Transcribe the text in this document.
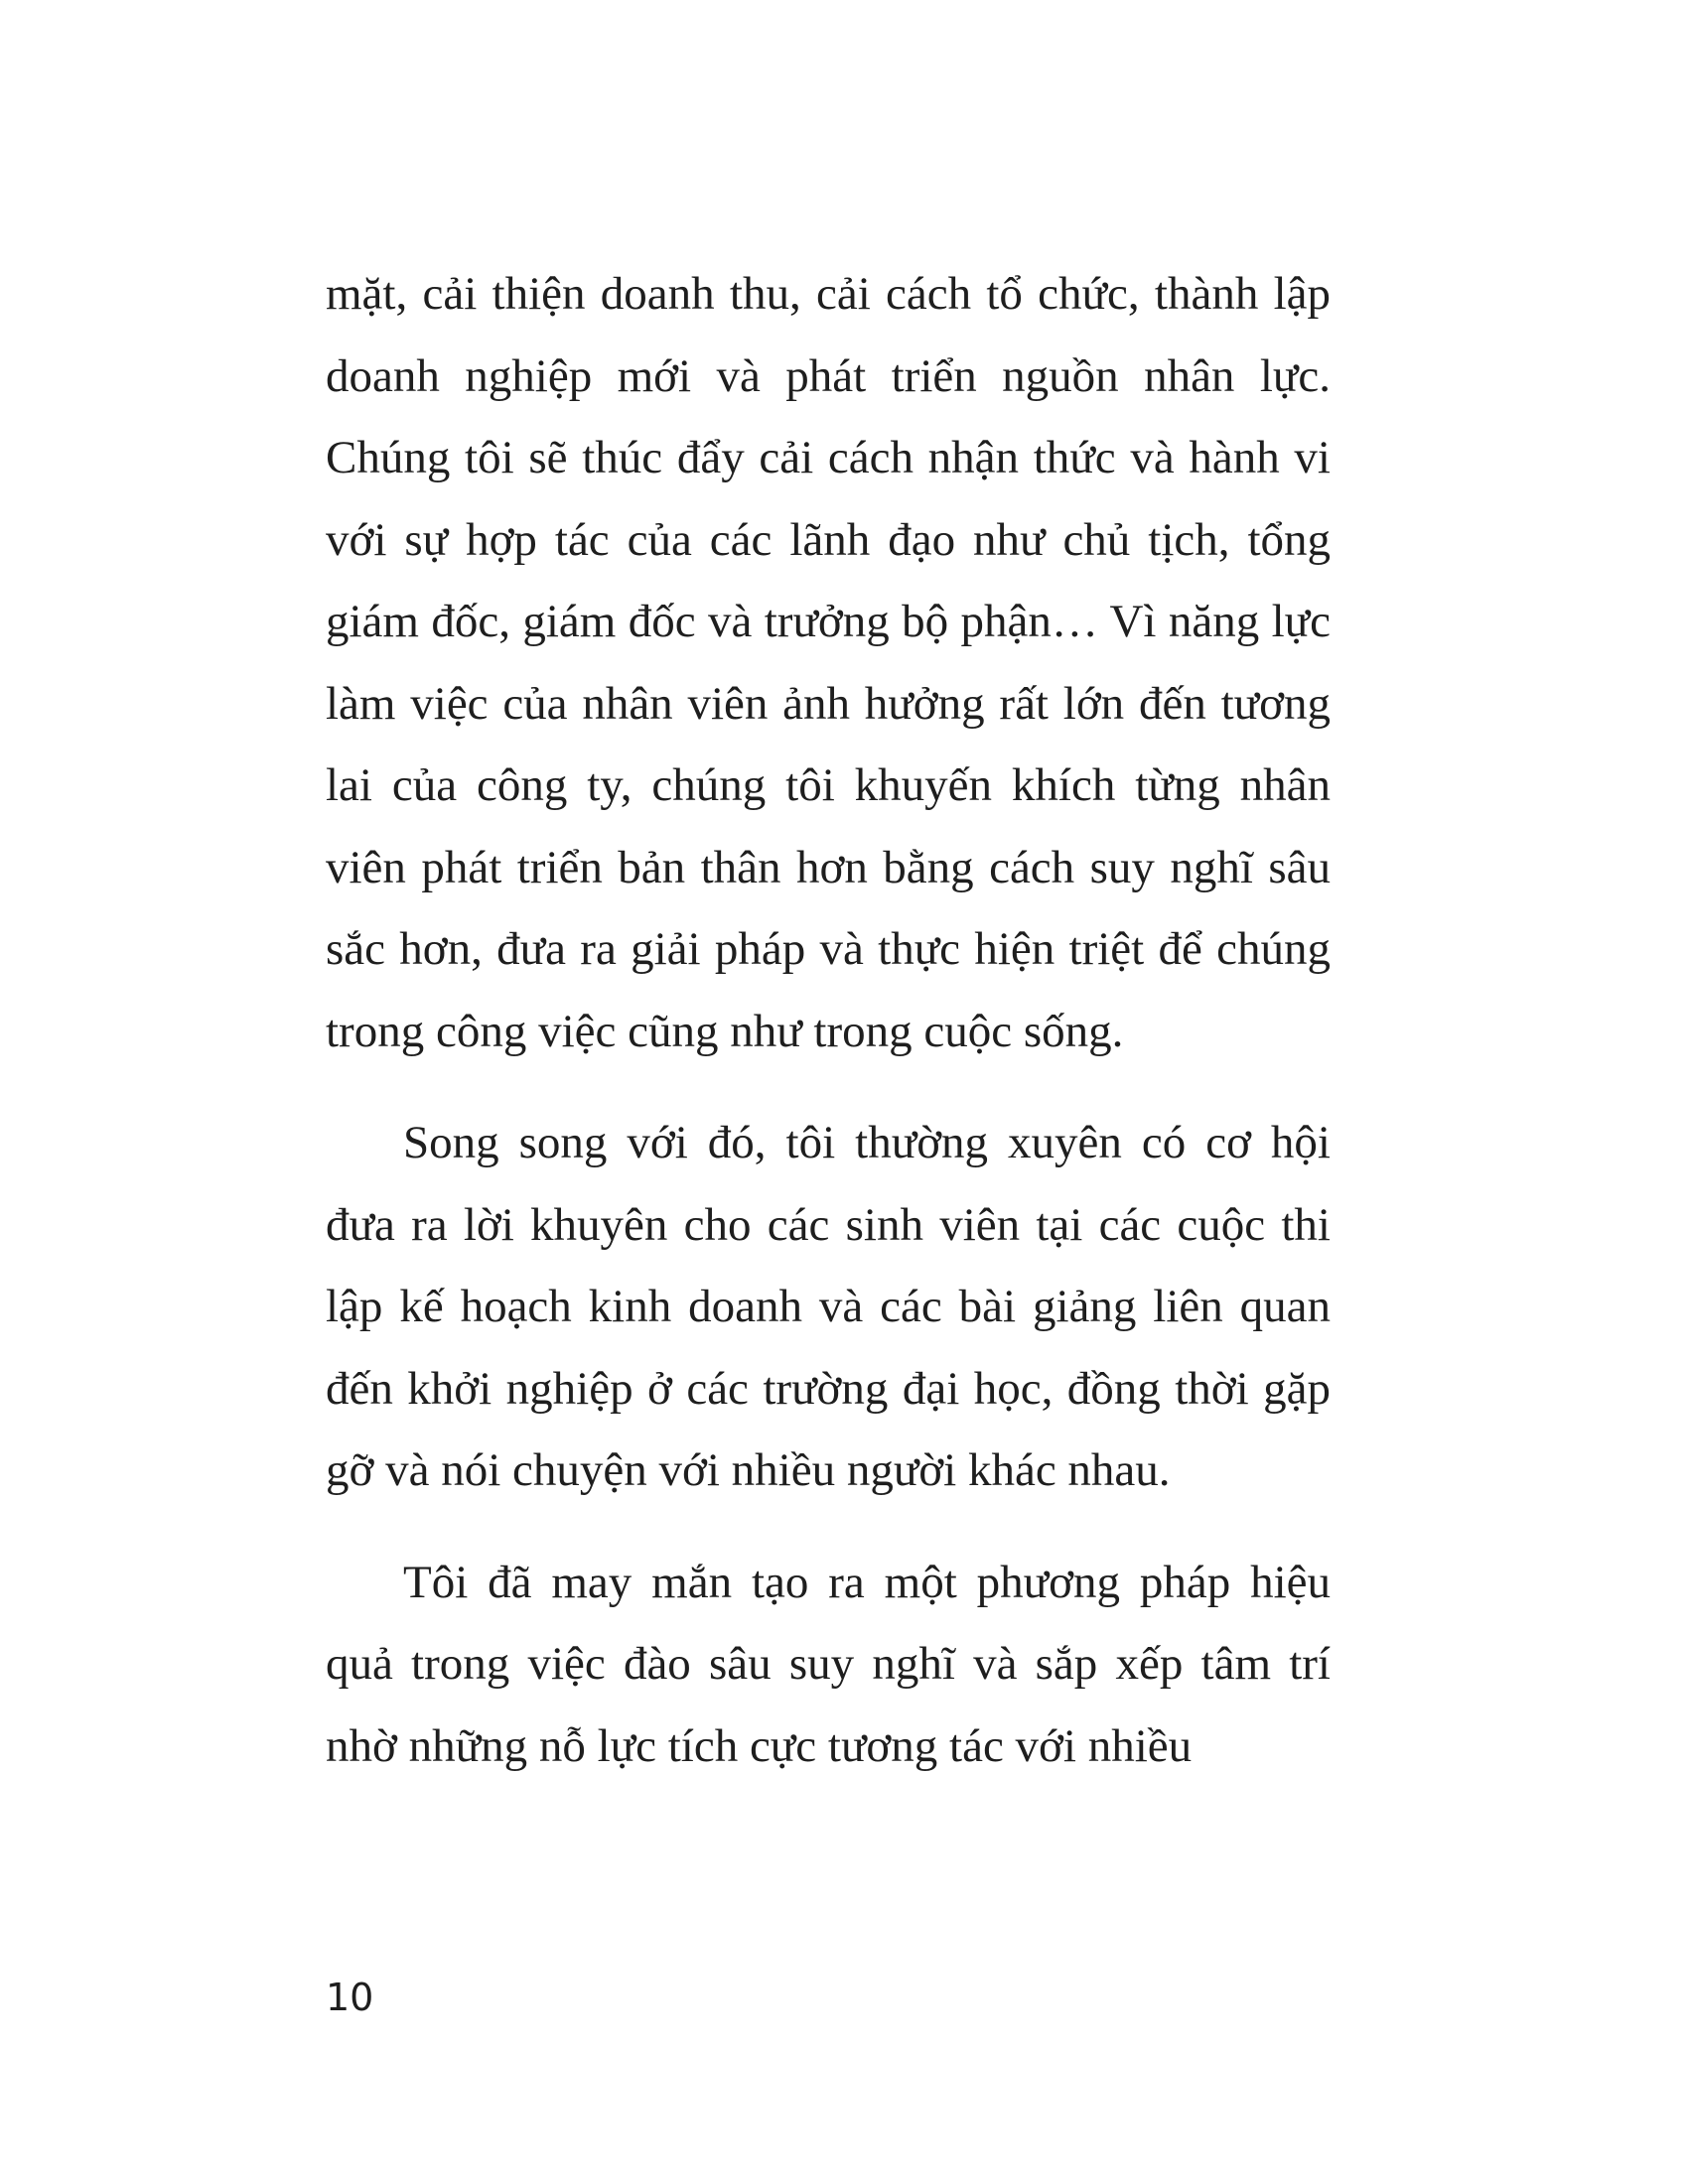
mặt, cải thiện doanh thu, cải cách tổ chức, thành lập doanh nghiệp mới và phát triển nguồn nhân lực. Chúng tôi sẽ thúc đẩy cải cách nhận thức và hành vi với sự hợp tác của các lãnh đạo như chủ tịch, tổng giám đốc, giám đốc và trưởng bộ phận… Vì năng lực làm việc của nhân viên ảnh hưởng rất lớn đến tương lai của công ty, chúng tôi khuyến khích từng nhân viên phát triển bản thân hơn bằng cách suy nghĩ sâu sắc hơn, đưa ra giải pháp và thực hiện triệt để chúng trong công việc cũng như trong cuộc sống.

Song song với đó, tôi thường xuyên có cơ hội đưa ra lời khuyên cho các sinh viên tại các cuộc thi lập kế hoạch kinh doanh và các bài giảng liên quan đến khởi nghiệp ở các trường đại học, đồng thời gặp gỡ và nói chuyện với nhiều người khác nhau.

Tôi đã may mắn tạo ra một phương pháp hiệu quả trong việc đào sâu suy nghĩ và sắp xếp tâm trí nhờ những nỗ lực tích cực tương tác với nhiều

10
